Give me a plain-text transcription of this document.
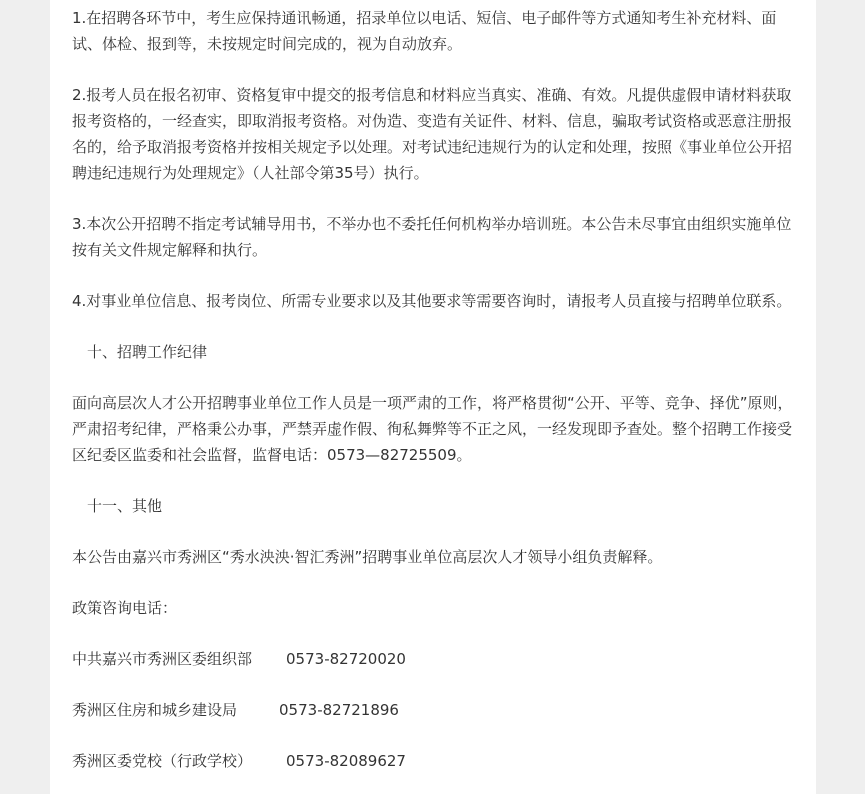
1.在招聘各环节中，考生应保持通讯畅通，招录单位以电话、短信、电子邮件等方式通知考生补充材料、面试、体检、报到等，未按规定时间完成的，视为自动放弃。

2.报考人员在报名初审、资格复审中提交的报考信息和材料应当真实、准确、有效。凡提供虚假申请材料获取报考资格的，一经查实，即取消报考资格。对伪造、变造有关证件、材料、信息，骗取考试资格或恶意注册报名的，给予取消报考资格并按相关规定予以处理。对考试违纪违规行为的认定和处理，按照《事业单位公开招聘违纪违规行为处理规定》（人社部令第35号）执行。

3.本次公开招聘不指定考试辅导用书，不举办也不委托任何机构举办培训班。本公告未尽事宜由组织实施单位按有关文件规定解释和执行。

4.对事业单位信息、报考岗位、所需专业要求以及其他要求等需要咨询时，请报考人员直接与招聘单位联系。

十、招聘工作纪律

面向高层次人才公开招聘事业单位工作人员是一项严肃的工作，将严格贯彻“公开、平等、竞争、择优”原则，严肃招考纪律，严格秉公办事，严禁弄虚作假、徇私舞弊等不正之风，一经发现即予查处。整个招聘工作接受区纪委区监委和社会监督，监督电话：0573—82725509。

十一、其他

本公告由嘉兴市秀洲区“秀水泱泱·智汇秀洲”招聘事业单位高层次人才领导小组负责解释。

政策咨询电话：

中共嘉兴市秀洲区委组织部 0573-82720020
秀洲区住房和城乡建设局	0573-82721896
秀洲区委党校（行政学校） 0573-82089627
